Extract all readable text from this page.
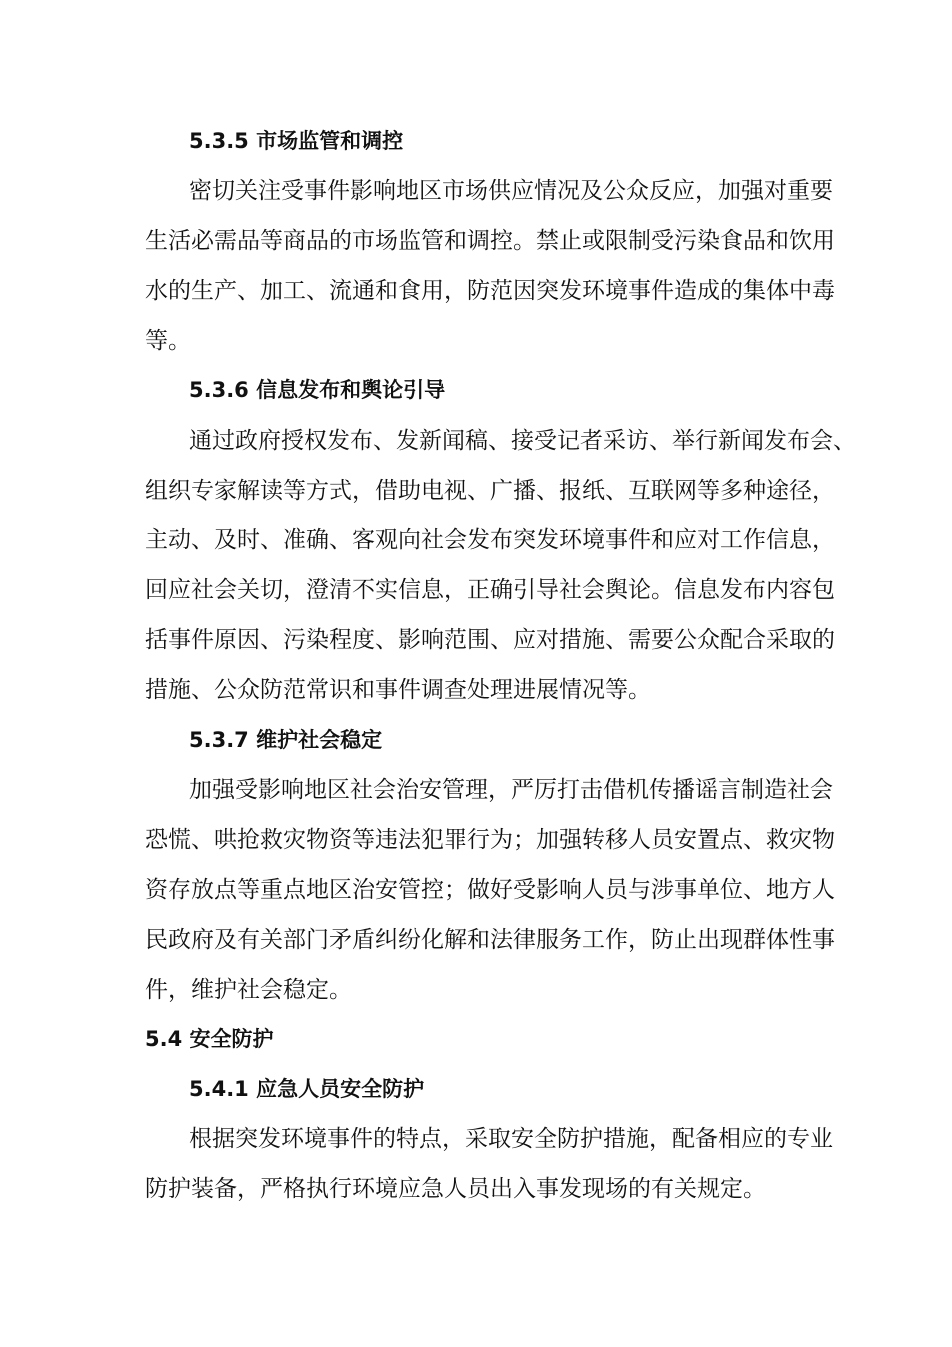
5.3.5 市场监管和调控

密切关注受事件影响地区市场供应情况及公众反应，加强对重要

生活必需品等商品的市场监管和调控。禁止或限制受污染食品和饮用

水的生产、加工、流通和食用，防范因突发环境事件造成的集体中毒

等。

5.3.6 信息发布和舆论引导

通过政府授权发布、发新闻稿、接受记者采访、举行新闻发布会、

组织专家解读等方式，借助电视、广播、报纸、互联网等多种途径，

主动、及时、准确、客观向社会发布突发环境事件和应对工作信息，

回应社会关切，澄清不实信息，正确引导社会舆论。信息发布内容包

括事件原因、污染程度、影响范围、应对措施、需要公众配合采取的

措施、公众防范常识和事件调查处理进展情况等。

5.3.7 维护社会稳定

加强受影响地区社会治安管理，严厉打击借机传播谣言制造社会

恐慌、哄抢救灾物资等违法犯罪行为；加强转移人员安置点、救灾物

资存放点等重点地区治安管控；做好受影响人员与涉事单位、地方人

民政府及有关部门矛盾纠纷化解和法律服务工作，防止出现群体性事

件，维护社会稳定。

5.4 安全防护
5.4.1 应急人员安全防护

根据突发环境事件的特点，采取安全防护措施，配备相应的专业

防护装备，严格执行环境应急人员出入事发现场的有关规定。
